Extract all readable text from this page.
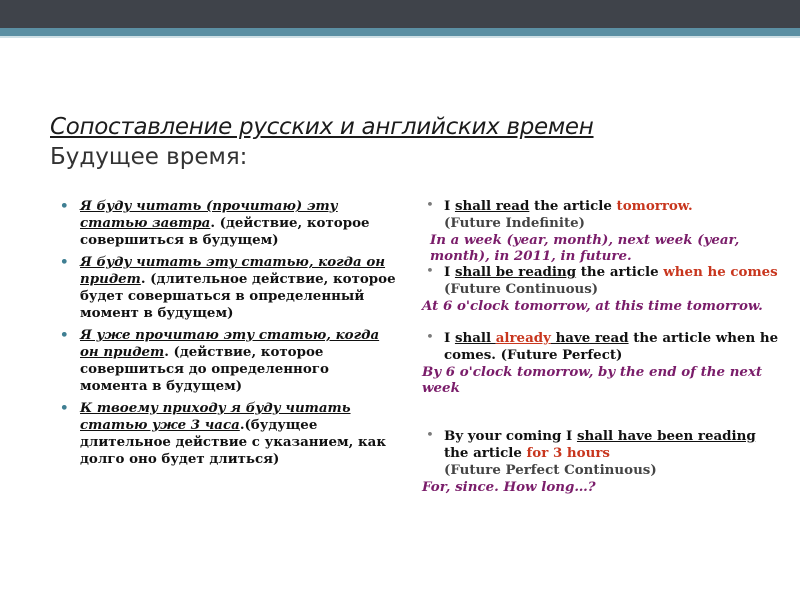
Сопоставление русских и английских времен
Будущее время:
• Я буду читать (прочитаю) эту статью завтра. (действие, которое совершиться в будущем)
• Я буду читать эту статью, когда он придет. (длительное действие, которое будет совершаться в определенный момент в будущем)
• Я уже прочитаю эту статью, когда он придет. (действие, которое совершиться до определенного момента в будущем)
• К твоему приходу я буду читать статью уже 3 часа.(будущее длительное действие с указанием, как долго оно будет длиться)
• I shall read the article tomorrow.
(Future Indefinite)
In a week (year, month), next week (year, month), in 2011, in future.
• I shall be reading the article when he comes (Future Continuous)
At 6 o'clock tomorrow, at this time tomorrow.
• I shall already have read the article when he comes. (Future Perfect)
By 6 o'clock tomorrow, by the end of the next week
• By your coming I shall have been reading the article for 3 hours
(Future Perfect Continuous)
For, since. How long…?
